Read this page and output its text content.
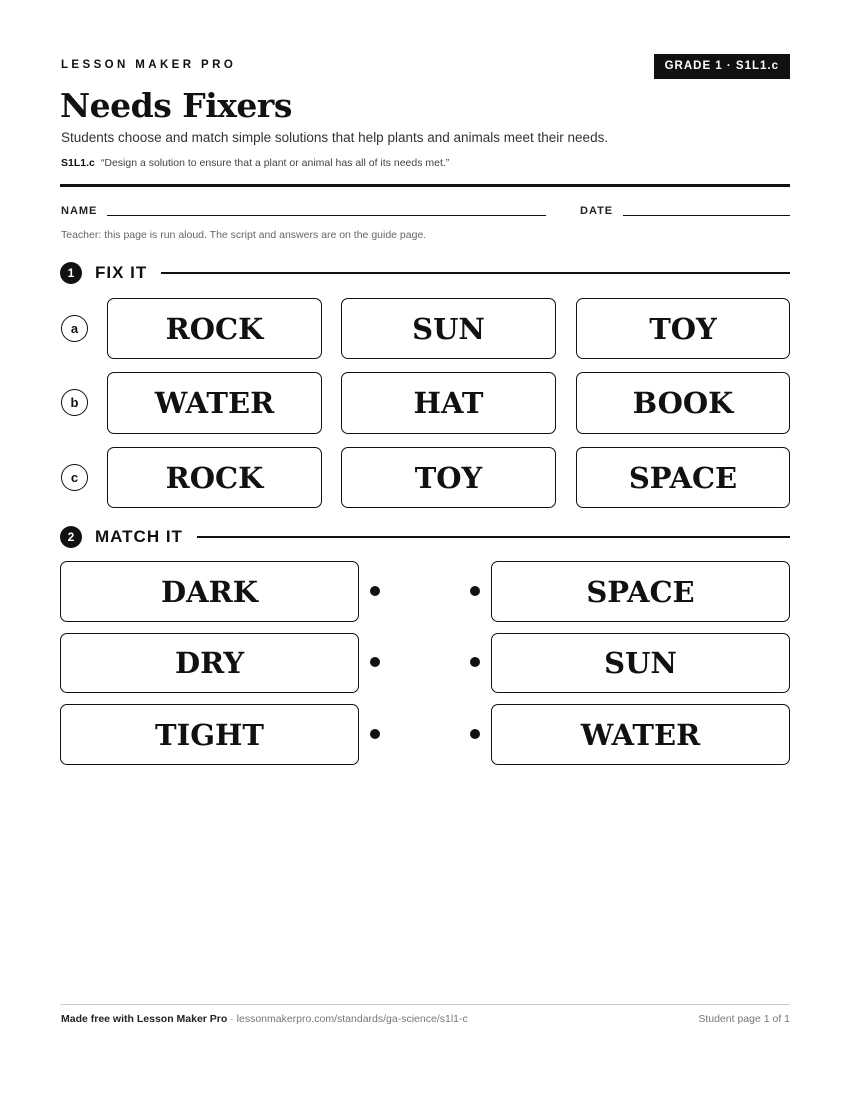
LESSON MAKER PRO	GRADE 1 · S1L1.c
Needs Fixers
Students choose and match simple solutions that help plants and animals meet their needs.
S1L1.c “Design a solution to ensure that a plant or animal has all of its needs met.”
NAME	DATE
Teacher: this page is run aloud. The script and answers are on the guide page.
1	FIX IT
a	ROCK	SUN	TOY
b	WATER	HAT	BOOK
c	ROCK	TOY	SPACE
2	MATCH IT
DARK	SPACE
DRY	SUN
TIGHT	WATER
Made free with Lesson Maker Pro · lessonmakerpro.com/standards/ga-science/s1l1-c	Student page 1 of 1
